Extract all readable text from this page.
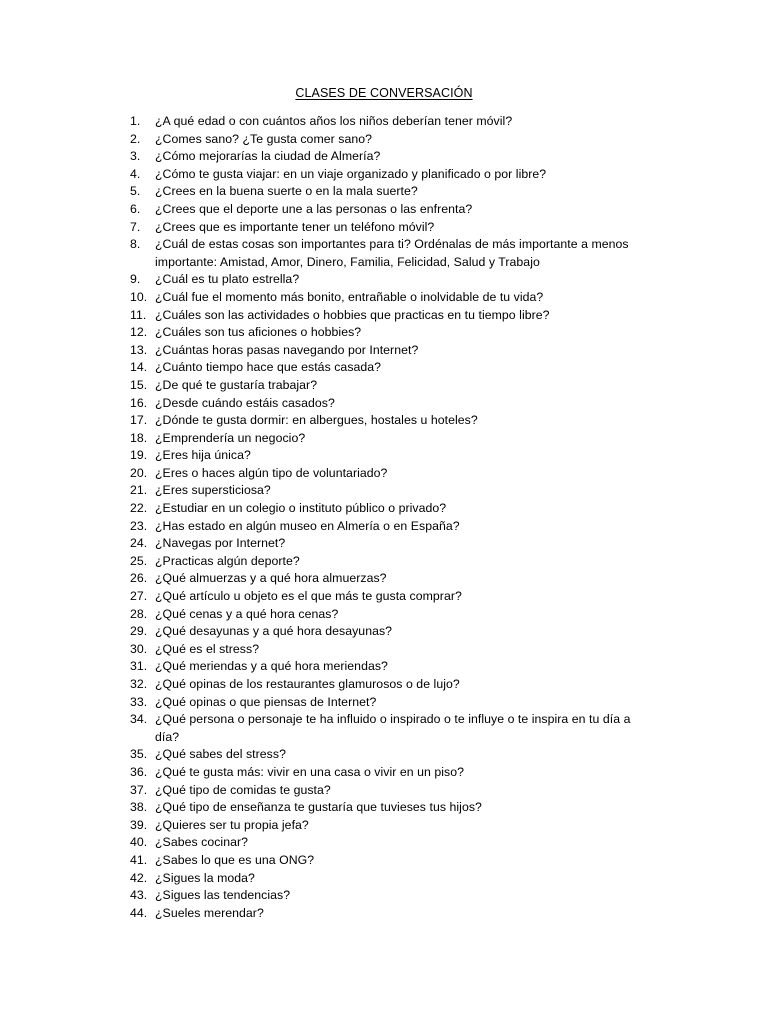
CLASES DE CONVERSACIÓN
1.	¿A qué edad o con cuántos años los niños deberían tener móvil?
2.	¿Comes sano? ¿Te gusta comer sano?
3.	¿Cómo mejorarías la ciudad de Almería?
4.	¿Cómo te gusta viajar: en un viaje organizado y planificado o por libre?
5.	¿Crees en la buena suerte o en la mala suerte?
6.	¿Crees que el deporte une a las personas o las enfrenta?
7.	¿Crees que es importante tener un teléfono móvil?
8.	¿Cuál de estas cosas son importantes para ti? Ordénalas de más importante a menos
importante: Amistad, Amor, Dinero, Familia, Felicidad, Salud y Trabajo
9.	¿Cuál es tu plato estrella?
10. ¿Cuál fue el momento más bonito, entrañable o inolvidable de tu vida?
11. ¿Cuáles son las actividades o hobbies que practicas en tu tiempo libre?
12. ¿Cuáles son tus aficiones o hobbies?
13. ¿Cuántas horas pasas navegando por Internet?
14. ¿Cuánto tiempo hace que estás casada?
15. ¿De qué te gustaría trabajar?
16. ¿Desde cuándo estáis casados?
17. ¿Dónde te gusta dormir: en albergues, hostales u hoteles?
18. ¿Emprendería un negocio?
19. ¿Eres hija única?
20. ¿Eres o haces algún tipo de voluntariado?
21. ¿Eres supersticiosa?
22. ¿Estudiar en un colegio o instituto público o privado?
23. ¿Has estado en algún museo en Almería o en España?
24. ¿Navegas por Internet?
25. ¿Practicas algún deporte?
26. ¿Qué almuerzas y a qué hora almuerzas?
27. ¿Qué artículo u objeto es el que más te gusta comprar?
28. ¿Qué cenas y a qué hora cenas?
29. ¿Qué desayunas y a qué hora desayunas?
30. ¿Qué es el stress?
31. ¿Qué meriendas y a qué hora meriendas?
32. ¿Qué opinas de los restaurantes glamurosos o de lujo?
33. ¿Qué opinas o que piensas de Internet?
34. ¿Qué persona o personaje te ha influido o inspirado o te influye o te inspira en tu día a
día?
35. ¿Qué sabes del stress?
36. ¿Qué te gusta más: vivir en una casa o vivir en un piso?
37. ¿Qué tipo de comidas te gusta?
38. ¿Qué tipo de enseñanza te gustaría que tuvieses tus hijos?
39. ¿Quieres ser tu propia jefa?
40. ¿Sabes cocinar?
41. ¿Sabes lo que es una ONG?
42. ¿Sigues la moda?
43. ¿Sigues las tendencias?
44. ¿Sueles merendar?
